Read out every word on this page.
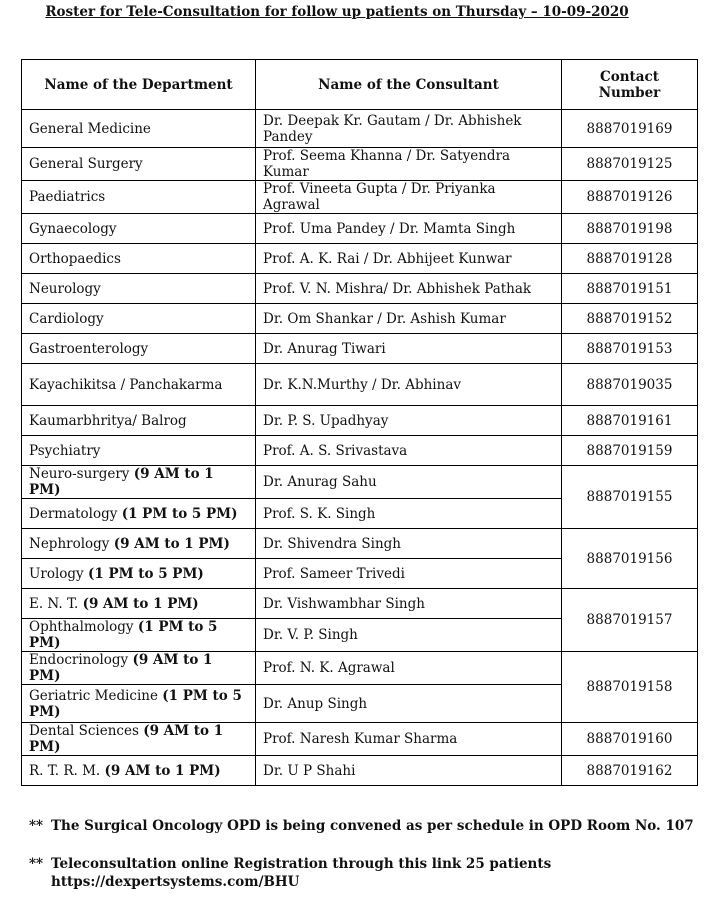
Roster for Tele-Consultation for follow up patients on Thursday – 10-09-2020
Name of the Department	Name of the Consultant	Contact Number
General Medicine	Dr. Deepak Kr. Gautam / Dr. Abhishek Pandey	8887019169
General Surgery	Prof. Seema Khanna / Dr. Satyendra Kumar	8887019125
Paediatrics	Prof. Vineeta Gupta / Dr. Priyanka Agrawal	8887019126
Gynaecology	Prof. Uma Pandey / Dr. Mamta Singh	8887019198
Orthopaedics	Prof. A. K. Rai / Dr. Abhijeet Kunwar	8887019128
Neurology	Prof. V. N. Mishra/ Dr. Abhishek Pathak	8887019151
Cardiology	Dr. Om Shankar / Dr. Ashish Kumar	8887019152
Gastroenterology	Dr. Anurag Tiwari	8887019153
Kayachikitsa / Panchakarma	Dr. K.N.Murthy / Dr. Abhinav	8887019035
Kaumarbhritya/ Balrog	Dr. P. S. Upadhyay	8887019161
Psychiatry	Prof. A. S. Srivastava	8887019159
Neuro-surgery (9 AM to 1 PM)	Dr. Anurag Sahu	8887019155
Dermatology (1 PM to 5 PM)	Prof. S. K. Singh	
Nephrology (9 AM to 1 PM)	Dr. Shivendra Singh	8887019156
Urology (1 PM to 5 PM)	Prof. Sameer Trivedi	
E. N. T. (9 AM to 1 PM)	Dr. Vishwambhar Singh	8887019157
Ophthalmology (1 PM to 5 PM)	Dr. V. P. Singh	
Endocrinology (9 AM to 1 PM)	Prof. N. K. Agrawal	8887019158
Geriatric Medicine (1 PM to 5 PM)	Dr. Anup Singh	
Dental Sciences (9 AM to 1 PM)	Prof. Naresh Kumar Sharma	8887019160
R. T. R. M. (9 AM to 1 PM)	Dr. U P Shahi	8887019162
** The Surgical Oncology OPD is being convened as per schedule in OPD Room No. 107
** Teleconsultation online Registration through this link 25 patients
https://dexpertsystems.com/BHU
